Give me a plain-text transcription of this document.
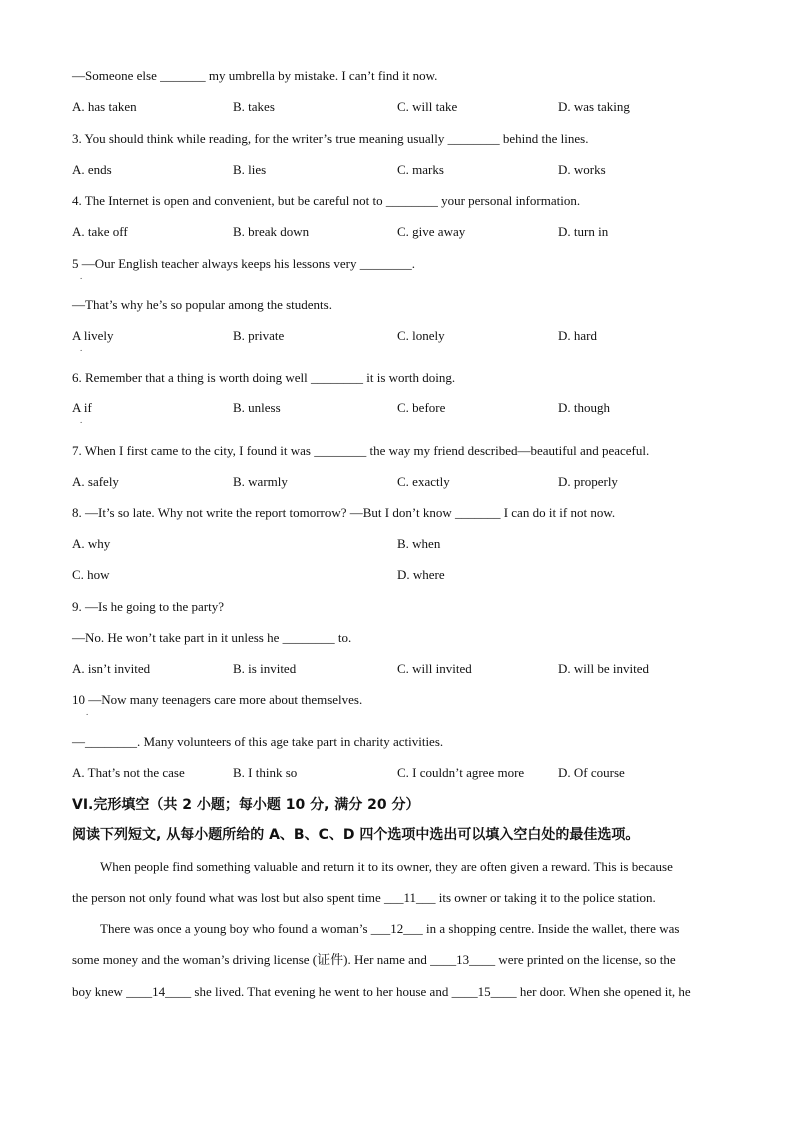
—Someone else _______ my umbrella by mistake. I can’t find it now.
A. has taken	B. takes	C. will take	D. was taking
3. You should think while reading, for the writer’s true meaning usually ________ behind the lines.
A. ends	B. lies	C. marks	D. works
4. The Internet is open and convenient, but be careful not to ________ your personal information.
A. take off	B. break down	C. give away	D. turn in
5 —Our English teacher always keeps his lessons very ________.
.
—That’s why he’s so popular among the students.
A lively
.
B. private	C. lonely	D. hard
6. Remember that a thing is worth doing well ________ it is worth doing.
A if
.
B. unless	C. before	D. though
7. When I first came to the city, I found it was ________ the way my friend described—beautiful and peaceful.
A. safely	B. warmly	C. exactly	D. properly
8. —It’s so late. Why not write the report tomorrow? —But I don’t know _______ I can do it if not now.
A. why	B. when
C. how	D. where
9. —Is he going to the party?
—No. He won’t take part in it unless he ________ to.
A. isn’t invited	B. is invited	C. will invited	D. will be invited
10 —Now many teenagers care more about themselves.
.
—________. Many volunteers of this age take part in charity activities.
A. That’s not the case	B. I think so	C. I couldn’t agree more	D. Of course
VI.完形填空（共 2 小题；每小题 10 分, 满分 20 分）
阅读下列短文, 从每小题所给的 A、B、C、D 四个选项中选出可以填入空白处的最佳选项。
When people find something valuable and return it to its owner, they are often given a reward. This is because
the person not only found what was lost but also spent time ___11___ its owner or taking it to the police station.
There was once a young boy who found a woman’s ___12___ in a shopping centre. Inside the wallet, there was
some money and the woman’s driving license (证件). Her name and ____13____ were printed on the license, so the
boy knew ____14____ she lived. That evening he went to her house and ____15____ her door. When she opened it, he
